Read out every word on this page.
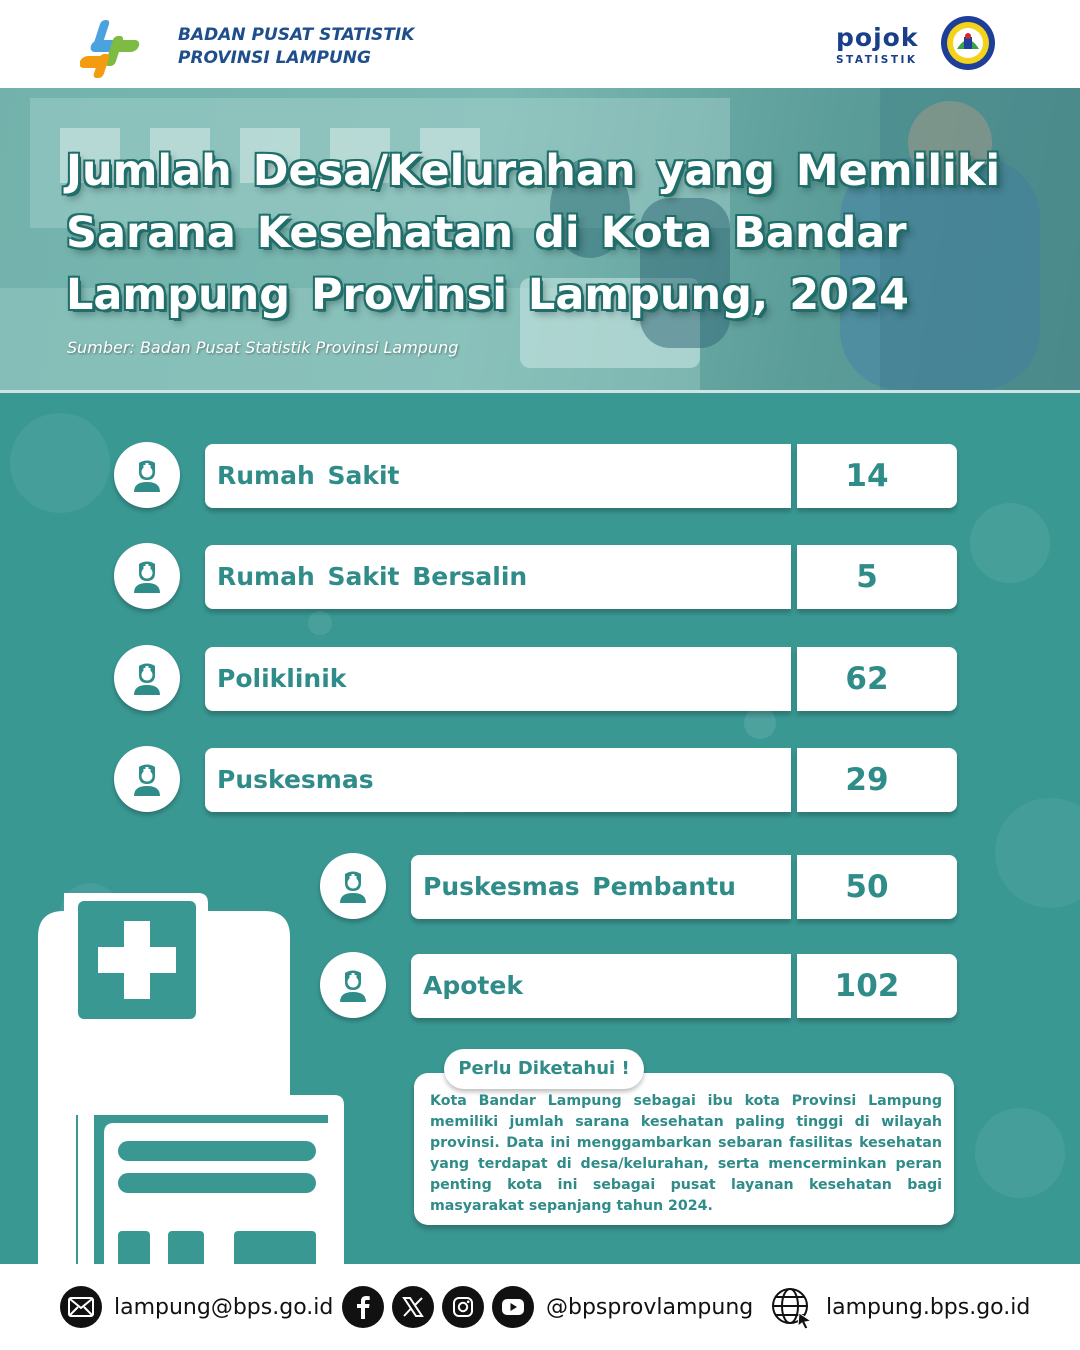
BADAN PUSAT STATISTIK
PROVINSI LAMPUNG
pojok
STATISTIK
Jumlah Desa/Kelurahan yang Memiliki Sarana Kesehatan di Kota Bandar Lampung Provinsi Lampung, 2024
Sumber: Badan Pusat Statistik Provinsi Lampung
Rumah Sakit	14
Rumah Sakit Bersalin	5
Poliklinik	62
Puskesmas	29
Puskesmas Pembantu	50
Apotek	102
Perlu Diketahui !
Kota Bandar Lampung sebagai ibu kota Provinsi Lampung memiliki jumlah sarana kesehatan paling tinggi di wilayah provinsi. Data ini menggambarkan sebaran fasilitas kesehatan yang terdapat di desa/kelurahan, serta mencerminkan peran penting kota ini sebagai pusat layanan kesehatan bagi masyarakat sepanjang tahun 2024.
lampung@bps.go.id	@bpsprovlampung	lampung.bps.go.id
